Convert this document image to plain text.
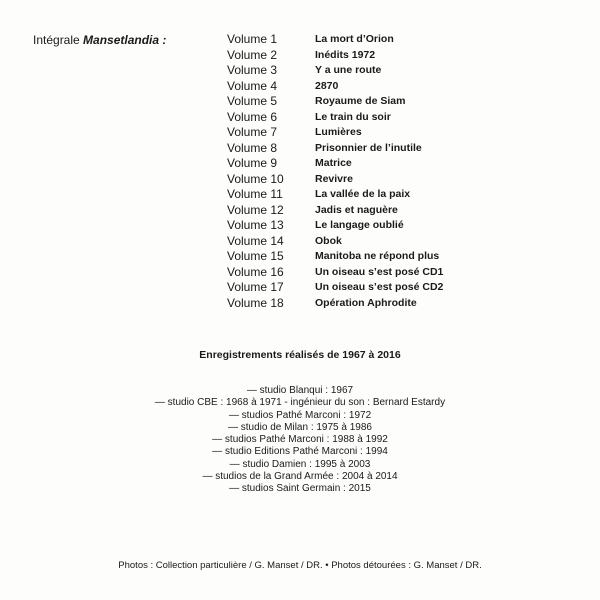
Intégrale Mansetlandia :	Volume 1	La mort d’Orion
Volume 2	Inédits 1972
Volume 3	Y a une route
Volume 4	2870
Volume 5	Royaume de Siam
Volume 6	Le train du soir
Volume 7	Lumières
Volume 8	Prisonnier de l’inutile
Volume 9	Matrice
Volume 10	Revivre
Volume 11	La vallée de la paix
Volume 12	Jadis et naguère
Volume 13	Le langage oublié
Volume 14	Obok
Volume 15	Manitoba ne répond plus
Volume 16	Un oiseau s’est posé CD1
Volume 17	Un oiseau s’est posé CD2
Volume 18	Opération Aphrodite
Enregistrements réalisés de 1967 à 2016
— studio Blanqui : 1967
— studio CBE : 1968 à 1971 - ingénieur du son : Bernard Estardy
— studios Pathé Marconi : 1972
— studio de Milan : 1975 à 1986
— studios Pathé Marconi : 1988 à 1992
— studio Editions Pathé Marconi : 1994
— studio Damien : 1995 à 2003
— studios de la Grand Armée : 2004 à 2014
— studios Saint Germain : 2015
Photos : Collection particulière / G. Manset / DR. • Photos détourées : G. Manset / DR.
